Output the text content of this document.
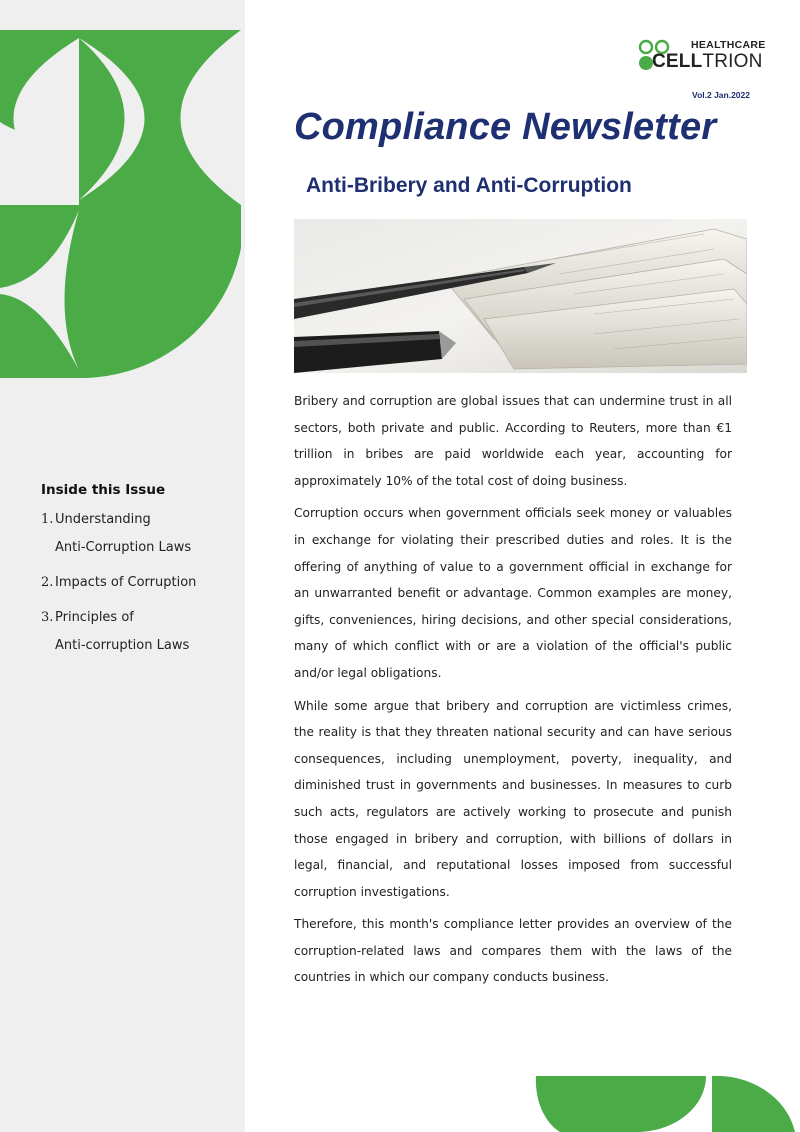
HEALTHCARE
CELLTRION
Vol.2 Jan.2022
Compliance Newsletter
Anti-Bribery and Anti-Corruption

Bribery and corruption are global issues that can undermine trust in all sectors, both private and public. According to Reuters, more than €1 trillion in bribes are paid worldwide each year, accounting for approximately 10% of the total cost of doing business.

Corruption occurs when government officials seek money or valuables in exchange for violating their prescribed duties and roles. It is the offering of anything of value to a government official in exchange for an unwarranted benefit or advantage. Common examples are money, gifts, conveniences, hiring decisions, and other special considerations, many of which conflict with or are a violation of the official's public and/or legal obligations.

While some argue that bribery and corruption are victimless crimes, the reality is that they threaten national security and can have serious consequences, including unemployment, poverty, inequality, and diminished trust in governments and businesses. In measures to curb such acts, regulators are actively working to prosecute and punish those engaged in bribery and corruption, with billions of dollars in legal, financial, and reputational losses imposed from successful corruption investigations.

Therefore, this month's compliance letter provides an overview of the corruption-related laws and compares them with the laws of the countries in which our company conducts business.

Inside this Issue
1. Understanding
Anti-Corruption Laws
2. Impacts of Corruption
3. Principles of
Anti-corruption Laws
